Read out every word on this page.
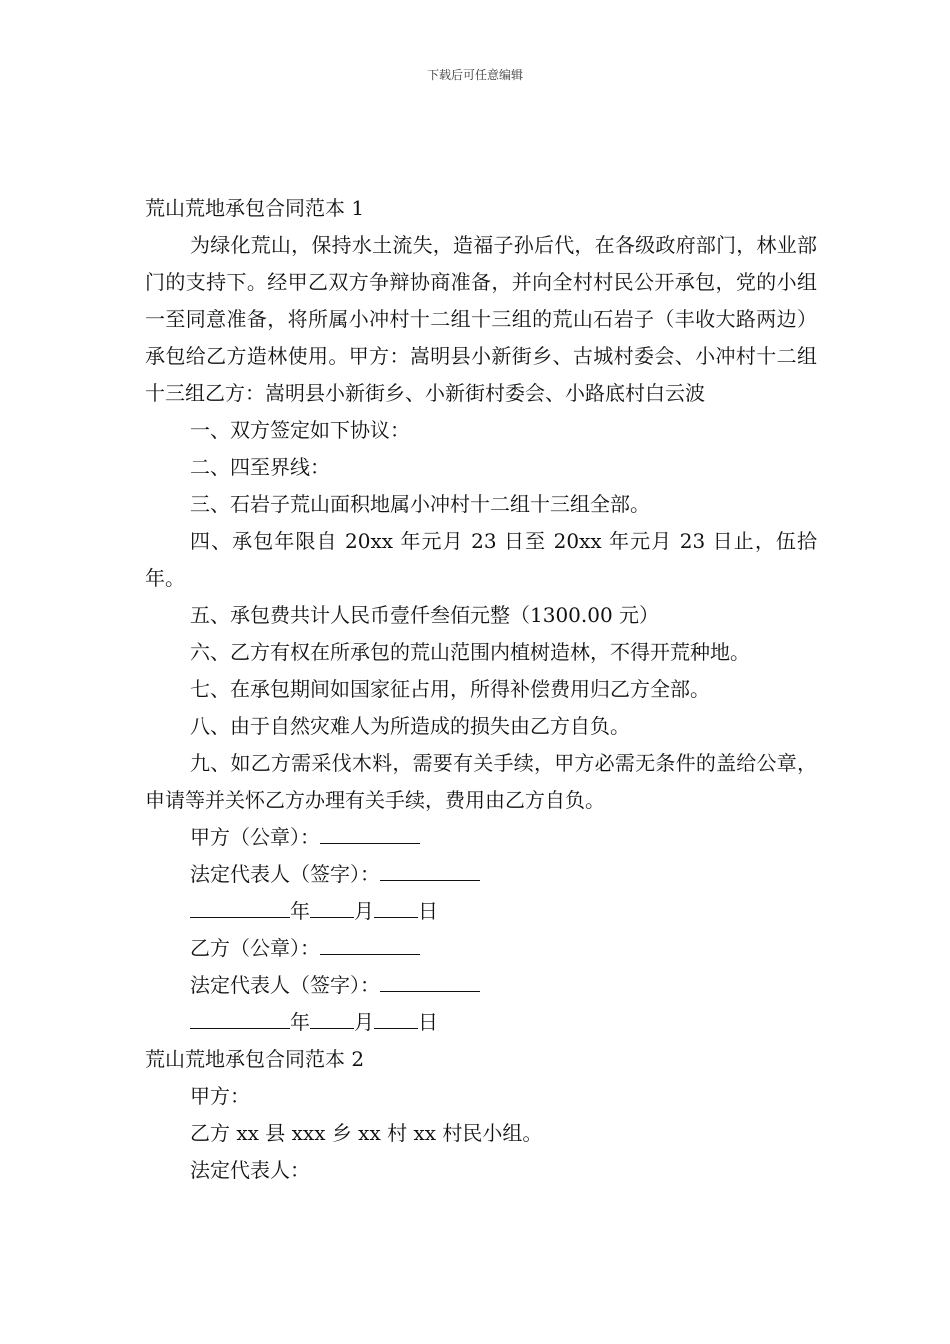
下载后可任意编辑

荒山荒地承包合同范本 1

为绿化荒山，保持水土流失，造福子孙后代，在各级政府部门，林业部门的支持下。经甲乙双方争辩协商准备，并向全村村民公开承包，党的小组一至同意准备，将所属小冲村十二组十三组的荒山石岩子（丰收大路两边）承包给乙方造林使用。甲方：嵩明县小新街乡、古城村委会、小冲村十二组十三组乙方：嵩明县小新街乡、小新街村委会、小路底村白云波

一、双方签定如下协议：

二、四至界线：

三、石岩子荒山面积地属小冲村十二组十三组全部。

四、承包年限自 20xx 年元月 23 日至 20xx 年元月 23 日止，伍拾年。

五、承包费共计人民币壹仟叁佰元整（1300.00 元）

六、乙方有权在所承包的荒山范围内植树造林，不得开荒种地。

七、在承包期间如国家征占用，所得补偿费用归乙方全部。

八、由于自然灾难人为所造成的损失由乙方自负。

九、如乙方需采伐木料，需要有关手续，甲方必需无条件的盖给公章，申请等并关怀乙方办理有关手续，费用由乙方自负。

甲方（公章）：

法定代表人（签字）：

年 月 日

乙方（公章）：

法定代表人（签字）：

年 月 日

荒山荒地承包合同范本 2

甲方：

乙方 xx 县 xxx 乡 xx 村 xx 村民小组。

法定代表人：
